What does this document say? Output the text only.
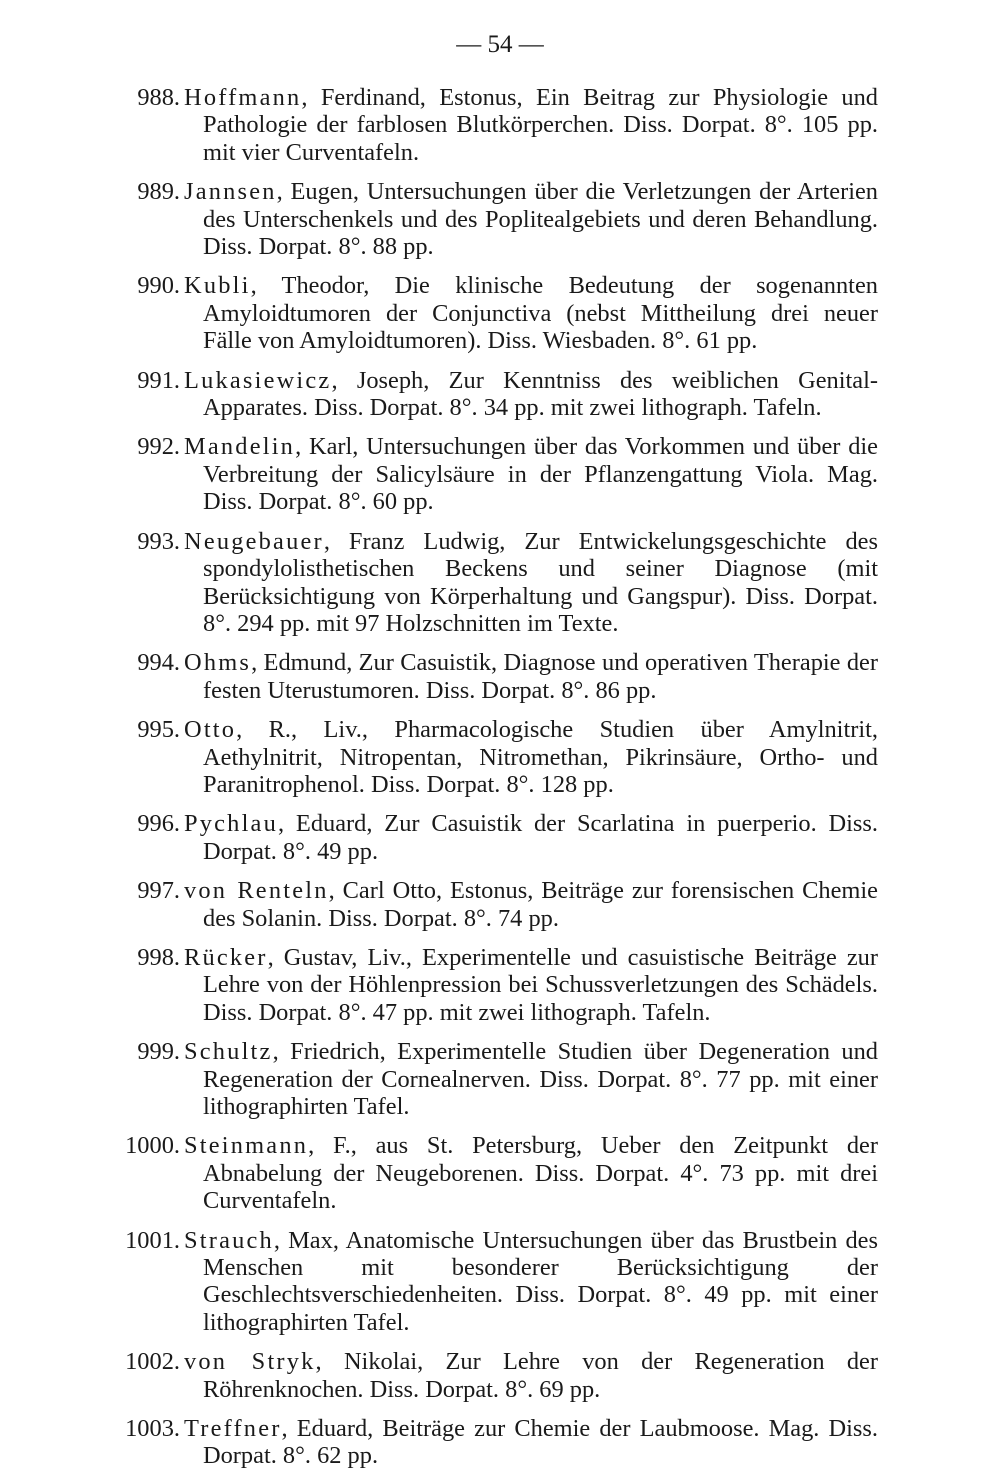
— 54 —
988. Hoffmann, Ferdinand, Estonus, Ein Beitrag zur Physiologie und Pathologie der farblosen Blutkörperchen. Diss. Dorpat. 8°. 105 pp. mit vier Curventafeln.
989. Jannsen, Eugen, Untersuchungen über die Verletzungen der Arterien des Unterschenkels und des Poplitealgebiets und deren Behandlung. Diss. Dorpat. 8°. 88 pp.
990. Kubli, Theodor, Die klinische Bedeutung der sogenannten Amyloidtumoren der Conjunctiva (nebst Mittheilung drei neuer Fälle von Amyloidtumoren). Diss. Wiesbaden. 8°. 61 pp.
991. Lukasiewicz, Joseph, Zur Kenntniss des weiblichen Genital-Apparates. Diss. Dorpat. 8°. 34 pp. mit zwei lithograph. Tafeln.
992. Mandelin, Karl, Untersuchungen über das Vorkommen und über die Verbreitung der Salicylsäure in der Pflanzengattung Viola. Mag. Diss. Dorpat. 8°. 60 pp.
993. Neugebauer, Franz Ludwig, Zur Entwickelungsgeschichte des spondylolisthetischen Beckens und seiner Diagnose (mit Berücksichtigung von Körperhaltung und Gangspur). Diss. Dorpat. 8°. 294 pp. mit 97 Holzschnitten im Texte.
994. Ohms, Edmund, Zur Casuistik, Diagnose und operativen Therapie der festen Uterustumoren. Diss. Dorpat. 8°. 86 pp.
995. Otto, R., Liv., Pharmacologische Studien über Amylnitrit, Aethylnitrit, Nitropentan, Nitromethan, Pikrinsäure, Ortho- und Paranitrophenol. Diss. Dorpat. 8°. 128 pp.
996. Pychlau, Eduard, Zur Casuistik der Scarlatina in puerperio. Diss. Dorpat. 8°. 49 pp.
997. von Renteln, Carl Otto, Estonus, Beiträge zur forensischen Chemie des Solanin. Diss. Dorpat. 8°. 74 pp.
998. Rücker, Gustav, Liv., Experimentelle und casuistische Beiträge zur Lehre von der Höhlenpression bei Schussverletzungen des Schädels. Diss. Dorpat. 8°. 47 pp. mit zwei lithograph. Tafeln.
999. Schultz, Friedrich, Experimentelle Studien über Degeneration und Regeneration der Cornealnerven. Diss. Dorpat. 8°. 77 pp. mit einer lithographirten Tafel.
1000. Steinmann, F., aus St. Petersburg, Ueber den Zeitpunkt der Abnabelung der Neugeborenen. Diss. Dorpat. 4°. 73 pp. mit drei Curventafeln.
1001. Strauch, Max, Anatomische Untersuchungen über das Brustbein des Menschen mit besonderer Berücksichtigung der Geschlechtsverschiedenheiten. Diss. Dorpat. 8°. 49 pp. mit einer lithographirten Tafel.
1002. von Stryk, Nikolai, Zur Lehre von der Regeneration der Röhrenknochen. Diss. Dorpat. 8°. 69 pp.
1003. Treffner, Eduard, Beiträge zur Chemie der Laubmoose. Mag. Diss. Dorpat. 8°. 62 pp.
